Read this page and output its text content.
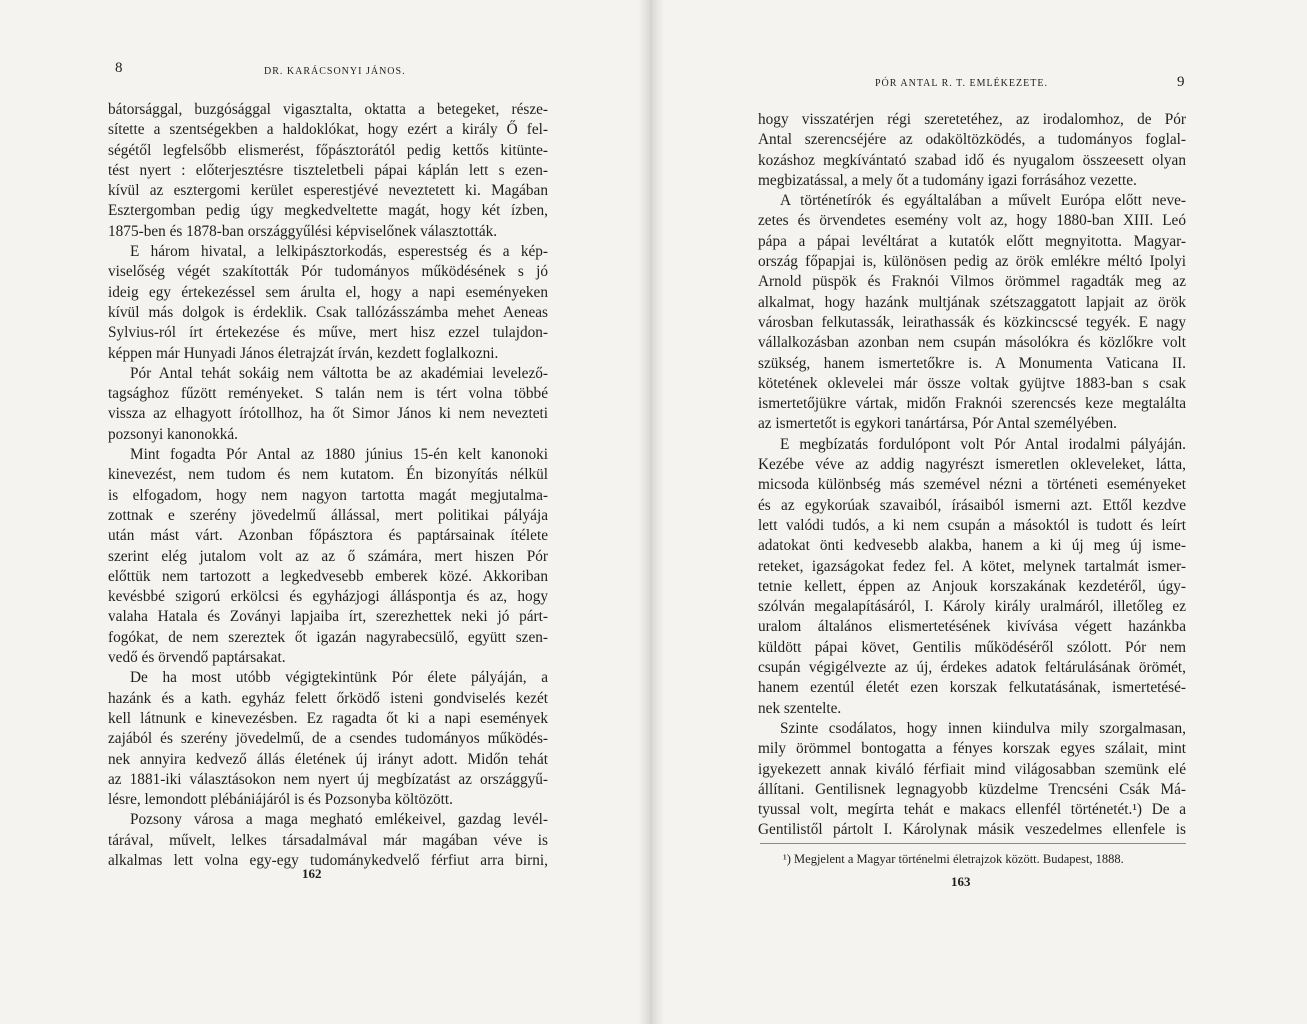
8	DR. KARÁCSONYI JÁNOS.
bátorsággal, buzgósággal vigasztalta, oktatta a betegeket, része-
sítette a szentségekben a haldoklókat, hogy ezért a király Ő fel-
ségétől legfelsőbb elismerést, főpásztorától pedig kettős kitünte-
tést nyert : előterjesztésre tiszteletbeli pápai káplán lett s ezen-
kívül az esztergomi kerület esperestjévé neveztetett ki. Magában
Esztergomban pedig úgy megkedveltette magát, hogy két ízben,
1875-ben és 1878-ban országgyűlési képviselőnek választották.
E három hivatal, a lelkipásztorkodás, esperestség és a kép-
viselőség végét szakították Pór tudományos működésének s jó
ideig egy értekezéssel sem árulta el, hogy a napi eseményeken
kívül más dolgok is érdeklik. Csak tallózásszámba mehet Aeneas
Sylvius-ról írt értekezése és műve, mert hisz ezzel tulajdon-
képpen már Hunyadi János életrajzát írván, kezdett foglalkozni.
Pór Antal tehát sokáig nem váltotta be az akadémiai levelező-
tagsághoz fűzött reményeket. S talán nem is tért volna többé
vissza az elhagyott írótollhoz, ha őt Simor János ki nem nevezteti
pozsonyi kanonokká.
Mint fogadta Pór Antal az 1880 június 15-én kelt kanonoki
kinevezést, nem tudom és nem kutatom. Én bizonyítás nélkül
is elfogadom, hogy nem nagyon tartotta magát megjutalma-
zottnak e szerény jövedelmű állással, mert politikai pályája
után mást várt. Azonban főpásztora és paptársainak ítélete
szerint elég jutalom volt az az ő számára, mert hiszen Pór
előttük nem tartozott a legkedvesebb emberek közé. Akkoriban
kevésbbé szigorú erkölcsi és egyházjogi álláspontja és az, hogy
valaha Hatala és Zoványi lapjaiba írt, szerezhettek neki jó párt-
fogókat, de nem szereztek őt igazán nagyrabecsülő, együtt szen-
vedő és örvendő paptársakat.
De ha most utóbb végigtekintünk Pór élete pályáján, a
hazánk és a kath. egyház felett őrködő isteni gondviselés kezét
kell látnunk e kinevezésben. Ez ragadta őt ki a napi események
zajából és szerény jövedelmű, de a csendes tudományos működés-
nek annyira kedvező állás életének új irányt adott. Midőn tehát
az 1881-iki választásokon nem nyert új megbízatást az országgyű-
lésre, lemondott plébániájáról is és Pozsonyba költözött.
Pozsony városa a maga megható emlékeivel, gazdag levél-
tárával, művelt, lelkes társadalmával már magában véve is
alkalmas lett volna egy-egy tudománykedvelő férfiut arra birni,
162
PÓR ANTAL R. T. EMLÉKEZETE.	9
hogy visszatérjen régi szeretetéhez, az irodalomhoz, de Pór
Antal szerencséjére az odaköltözködés, a tudományos foglal-
kozáshoz megkívántató szabad idő és nyugalom összeesett olyan
megbizatással, a mely őt a tudomány igazi forrásához vezette.
A történetírók és egyáltalában a művelt Európa előtt neve-
zetes és örvendetes esemény volt az, hogy 1880-ban XIII. Leó
pápa a pápai levéltárat a kutatók előtt megnyitotta. Magyar-
ország főpapjai is, különösen pedig az örök emlékre méltó Ipolyi
Arnold püspök és Fraknói Vilmos örömmel ragadták meg az
alkalmat, hogy hazánk multjának szétszaggatott lapjait az örök
városban felkutassák, leirathassák és közkincscsé tegyék. E nagy
vállalkozásban azonban nem csupán másolókra és közlőkre volt
szükség, hanem ismertetőkre is. A Monumenta Vaticana II.
kötetének oklevelei már össze voltak gyüjtve 1883-ban s csak
ismertetőjükre vártak, midőn Fraknói szerencsés keze megtalálta
az ismertetőt is egykori tanártársa, Pór Antal személyében.
E megbízatás fordulópont volt Pór Antal irodalmi pályáján.
Kezébe véve az addig nagyrészt ismeretlen okleveleket, látta,
micsoda különbség más szemével nézni a történeti eseményeket
és az egykorúak szavaiból, írásaiból ismerni azt. Ettől kezdve
lett valódi tudós, a ki nem csupán a másoktól is tudott és leírt
adatokat önti kedvesebb alakba, hanem a ki új meg új isme-
reteket, igazságokat fedez fel. A kötet, melynek tartalmát ismer-
tetnie kellett, éppen az Anjouk korszakának kezdetéről, úgy-
szólván megalapításáról, I. Károly király uralmáról, illetőleg ez
uralom általános elismertetésének kivívása végett hazánkba
küldött pápai követ, Gentilis működéséről szólott. Pór nem
csupán végigélvezte az új, érdekes adatok feltárulásának örömét,
hanem ezentúl életét ezen korszak felkutatásának, ismertetésé-
nek szentelte.
Szinte csodálatos, hogy innen kiindulva mily szorgalmasan,
mily örömmel bontogatta a fényes korszak egyes szálait, mint
igyekezett annak kiváló férfiait mind világosabban szemünk elé
állítani. Gentilisnek legnagyobb küzdelme Trencséni Csák Má-
tyussal volt, megírta tehát e makacs ellenfél történetét.¹) De a
Gentilistől pártolt I. Károlynak másik veszedelmes ellenfele is
¹) Megjelent a Magyar történelmi életrajzok között. Budapest, 1888.
163
